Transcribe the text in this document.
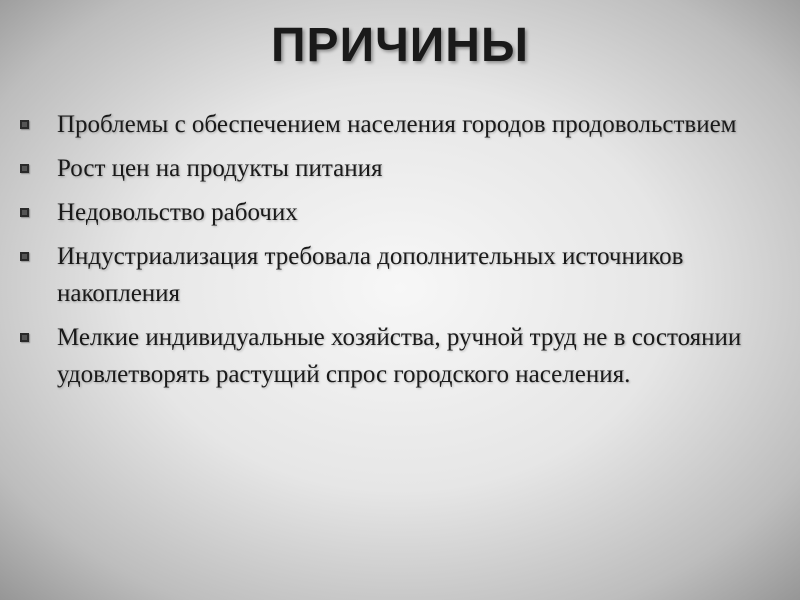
ПРИЧИНЫ
Проблемы с обеспечением населения городов продовольствием
Рост цен на продукты питания
Недовольство рабочих
Индустриализация требовала дополнительных источников накопления
Мелкие индивидуальные хозяйства, ручной труд не в состоянии удовлетворять растущий спрос городского населения.
